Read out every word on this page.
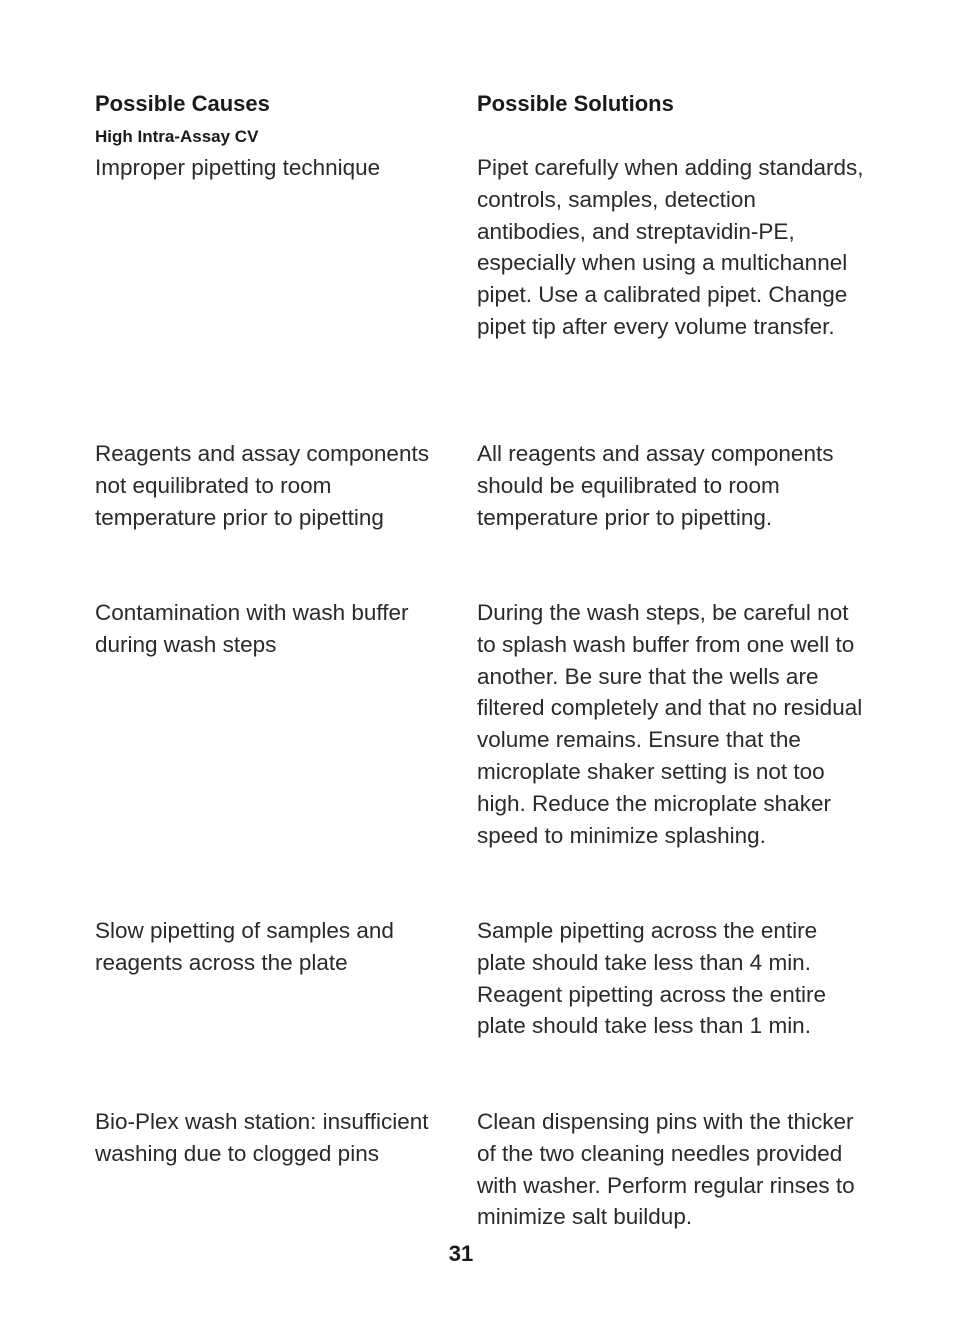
Possible Causes	Possible Solutions
High Intra-Assay CV

Improper pipetting technique	Pipet carefully when adding standards, controls, samples, detection antibodies, and streptavidin-PE, especially when using a multichannel pipet. Use a calibrated pipet. Change pipet tip after every volume transfer.

Reagents and assay components not equilibrated to room temperature prior to pipetting

All reagents and assay components should be equilibrated to room temperature prior to pipetting.

Contamination with wash buffer during wash steps

During the wash steps, be careful not to splash wash buffer from one well to another. Be sure that the wells are filtered completely and that no residual volume remains. Ensure that the microplate shaker setting is not too high. Reduce the microplate shaker speed to minimize splashing.

Slow pipetting of samples and reagents across the plate

Sample pipetting across the entire plate should take less than 4 min. Reagent pipetting across the entire plate should take less than 1 min.

Bio-Plex wash station: insufficient washing due to clogged pins

Clean dispensing pins with the thicker of the two cleaning needles provided with washer. Perform regular rinses to minimize salt buildup.

31
